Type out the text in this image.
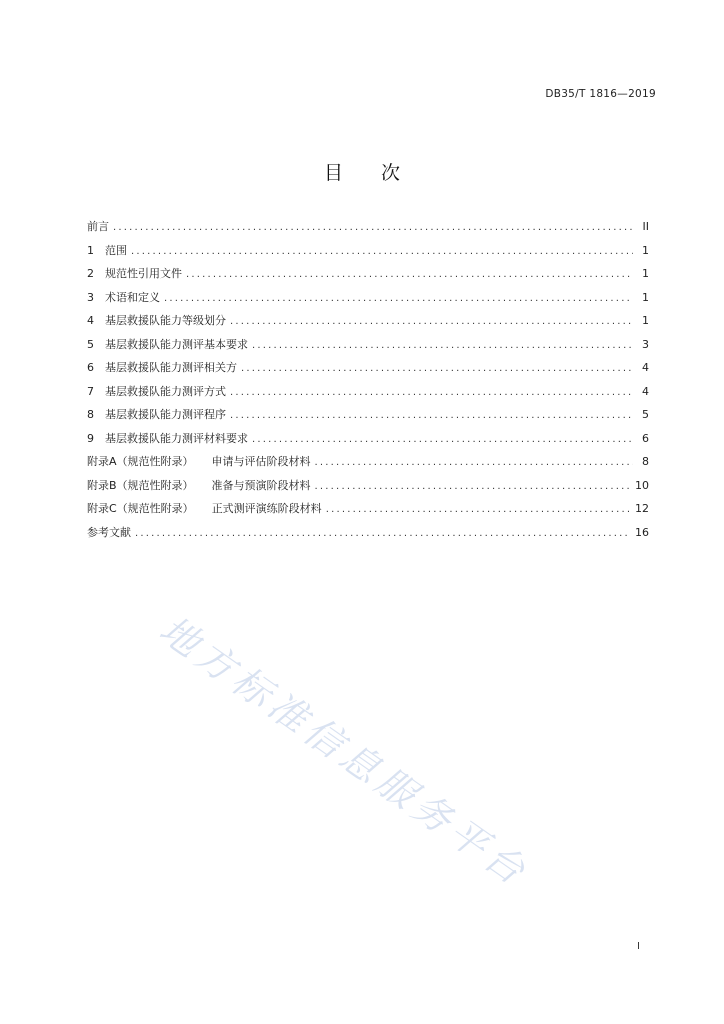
DB35/T 1816—2019
目 次
前言 .....	II
1	范围 .....	1
2	规范性引用文件 .....	1
3	术语和定义 .....	1
4	基层救援队能力等级划分 .....	1
5	基层救援队能力测评基本要求 .....	3
6	基层救援队能力测评相关方 .....	4
7	基层救援队能力测评方式 .....	4
8	基层救援队能力测评程序 .....	5
9	基层救援队能力测评材料要求 .....	6
附录A（规范性附录） 申请与评估阶段材料 .....	8
附录B（规范性附录） 准备与预演阶段材料 .....	10
附录C（规范性附录） 正式测评演练阶段材料 .....	12
参考文献 .....	16
地方标准信息服务平台
I
